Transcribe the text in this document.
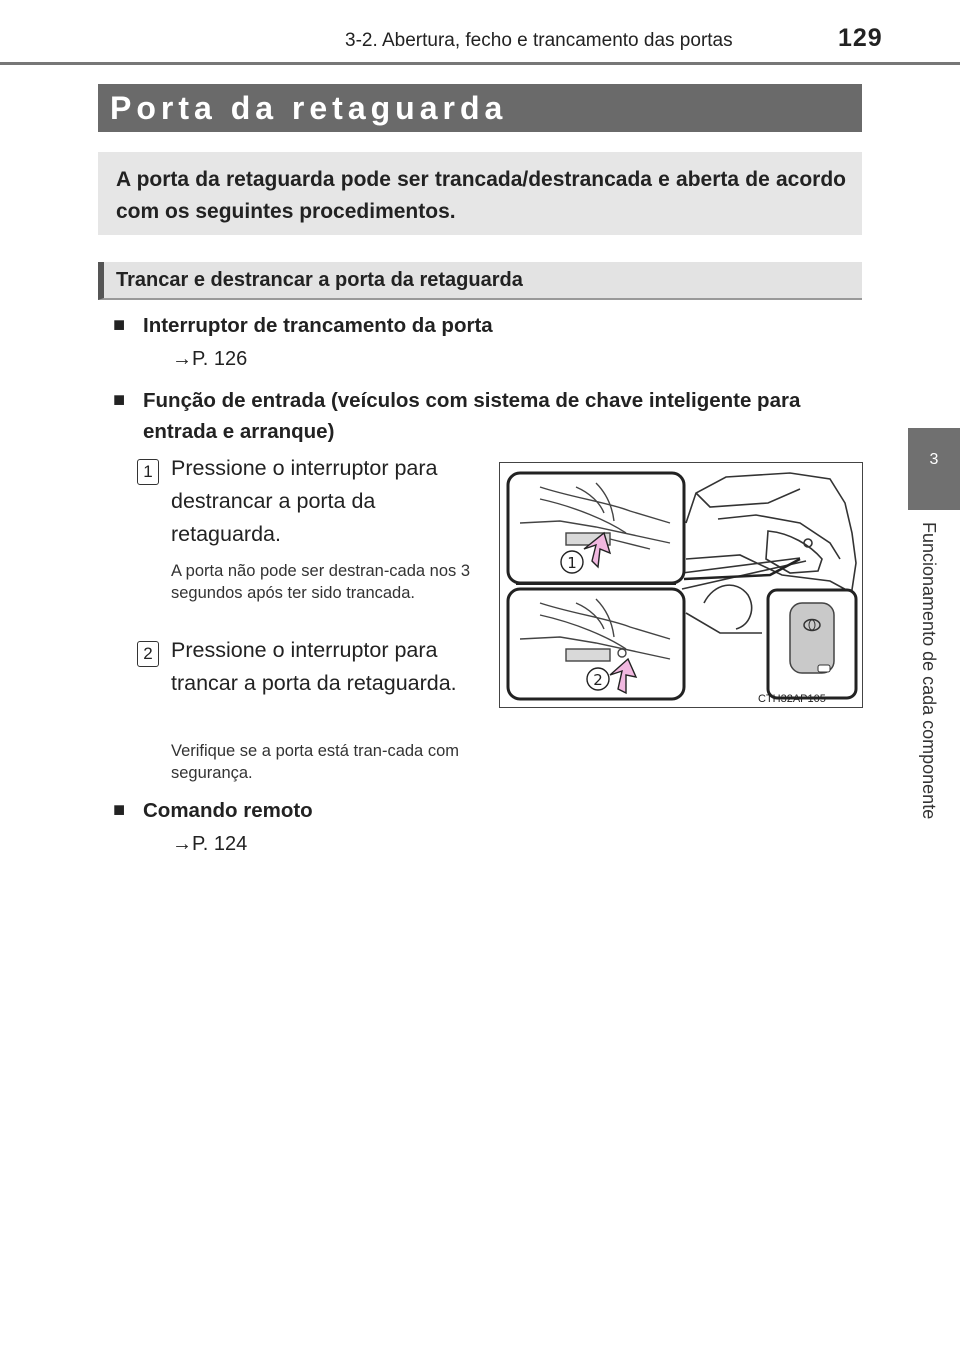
3-2. Abertura, fecho e trancamento das portas	129
3
Funcionamento de cada componente
Porta da retaguarda
A porta da retaguarda pode ser trancada/destrancada e aberta de acordo com os seguintes procedimentos.
Trancar e destrancar a porta da retaguarda
■ Interruptor de trancamento da porta
→P. 126
■ Função de entrada (veículos com sistema de chave inteligente para entrada e arranque)
1 Pressione o interruptor para destrancar a porta da retaguarda.
A porta não pode ser destran-cada nos 3 segundos após ter sido trancada.
2 Pressione o interruptor para trancar a porta da retaguarda.
Verifique se a porta está tran-cada com segurança.
■ Comando remoto
→P. 124
1
2
CTH32AP105
